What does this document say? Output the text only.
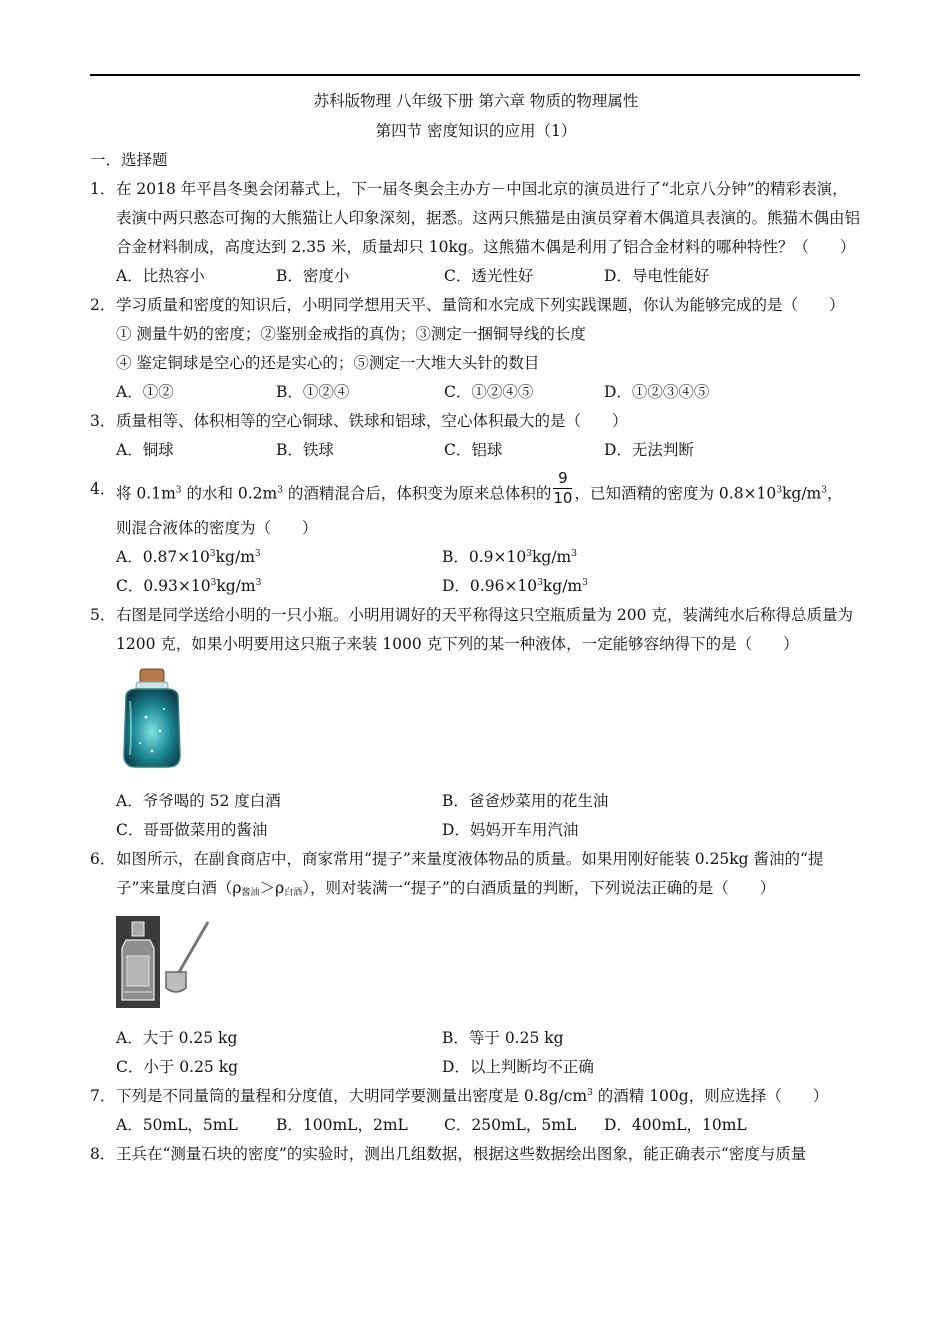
苏科版物理 八年级下册 第六章 物质的物理属性
第四节 密度知识的应用（1）
一．选择题
1． 在 2018 年平昌冬奥会闭幕式上，下一届冬奥会主办方－中国北京的演员进行了“北京八分钟”的精彩表演，表演中两只憨态可掬的大熊猫让人印象深刻，据悉。这两只熊猫是由演员穿着木偶道具表演的。熊猫木偶由铝合金材料制成，高度达到 2.35 米，质量却只 10kg。这熊猫木偶是利用了铝合金材料的哪种特性？（　　）
A．比热容小	B．密度小	C．透光性好	D．导电性能好
2． 学习质量和密度的知识后，小明同学想用天平、量筒和水完成下列实践课题，你认为能够完成的是（　　）
① 测量牛奶的密度；②鉴别金戒指的真伪；③测定一捆铜导线的长度
④ 鉴定铜球是空心的还是实心的；⑤测定一大堆大头针的数目
A．①②	B．①②④	C．①②④⑤	D．①②③④⑤
3． 质量相等、体积相等的空心铜球、铁球和铝球，空心体积最大的是（　　）
A．铜球	B．铁球	C．铝球	D．无法判断
4． 将 $0.1m^3$ 的水和 $0.2m^3$ 的酒精混合后，体积变为原来总体积的 $\frac{9}{10}$ ，已知酒精的密度为 $0.8\times 10^3kg/m^3$，
则混合液体的密度为（　　）
A．$0.87\times 10^3kg/m^3$	B．$0.9\times 10^3kg/m^3$
C．$0.93\times 10^3kg/m^3$	D．$0.96\times 10^3kg/m^3$
5． 右图是同学送给小明的一只小瓶。小明用调好的天平称得这只空瓶质量为 200 克，装满纯水后称得总质量为 1200 克，如果小明要用这只瓶子来装 1000 克下列的某一种液体，一定能够容纳得下的是（　　）
A．爷爷喝的 52 度白酒	B．爸爸炒菜用的花生油
C．哥哥做菜用的酱油	D．妈妈开车用汽油
6． 如图所示，在副食商店中，商家常用“提子”来量度液体物品的质量。如果用刚好能装 0.25kg 酱油的“提子”来量度白酒$(\rho_{酱油}>\rho_{白酒})$，则对装满一“提子”的白酒质量的判断，下列说法正确的是（　　）
A．大于 0.25 kg	B．等于 0.25 kg
C．小于 0.25 kg	D．以上判断均不正确
7． 下列是不同量筒的量程和分度值，大明同学要测量出密度是 $0.8g/cm^3$ 的酒精 100g，则应选择（　　）
A．50mL，5mL	B．100mL，2mL	C．250mL，5mL	D．400mL，10mL
8． 王兵在“测量石块的密度”的实验时，测出几组数据，根据这些数据绘出图象，能正确表示“密度与质量
